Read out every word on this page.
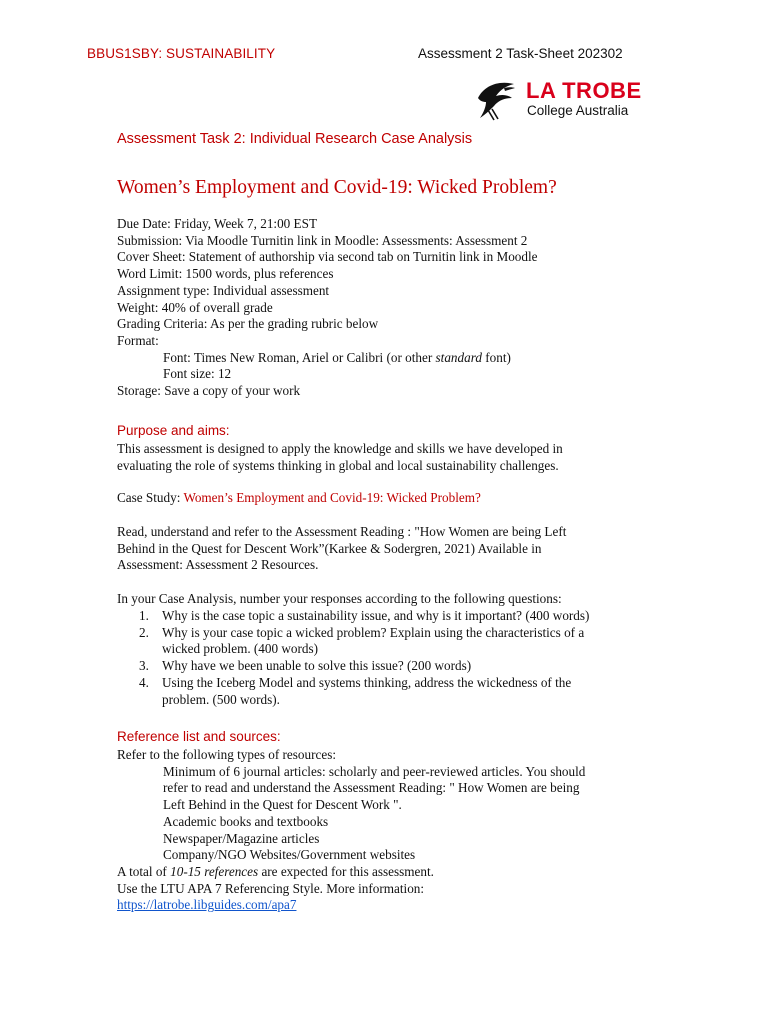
BBUS1SBY: SUSTAINABILITY	Assessment 2 Task-Sheet 202302
LA TROBE
College Australia
Assessment Task 2: Individual Research Case Analysis
Women’s Employment and Covid-19: Wicked Problem?
Due Date: Friday, Week 7, 21:00 EST
Submission: Via Moodle Turnitin link in Moodle: Assessments: Assessment 2
Cover Sheet: Statement of authorship via second tab on Turnitin link in Moodle
Word Limit: 1500 words, plus references
Assignment type: Individual assessment
Weight: 40% of overall grade
Grading Criteria: As per the grading rubric below
Format:
Font: Times New Roman, Ariel or Calibri (or other standard font)
Font size: 12
Storage: Save a copy of your work
Purpose and aims:
This assessment is designed to apply the knowledge and skills we have developed in
evaluating the role of systems thinking in global and local sustainability challenges.
Case Study: Women’s Employment and Covid-19: Wicked Problem?
Read, understand and refer to the Assessment Reading : "How Women are being Left
Behind in the Quest for Descent Work”(Karkee & Sodergren, 2021) Available in
Assessment: Assessment 2 Resources.
In your Case Analysis, number your responses according to the following questions:
1. Why is the case topic a sustainability issue, and why is it important? (400 words)
2. Why is your case topic a wicked problem? Explain using the characteristics of a
wicked problem. (400 words)
3. Why have we been unable to solve this issue? (200 words)
4. Using the Iceberg Model and systems thinking, address the wickedness of the
problem. (500 words).
Reference list and sources:
Refer to the following types of resources:
Minimum of 6 journal articles: scholarly and peer-reviewed articles. You should
refer to read and understand the Assessment Reading: " How Women are being
Left Behind in the Quest for Descent Work ".
Academic books and textbooks
Newspaper/Magazine articles
Company/NGO Websites/Government websites
A total of 10-15 references are expected for this assessment.
Use the LTU APA 7 Referencing Style. More information:
https://latrobe.libguides.com/apa7
